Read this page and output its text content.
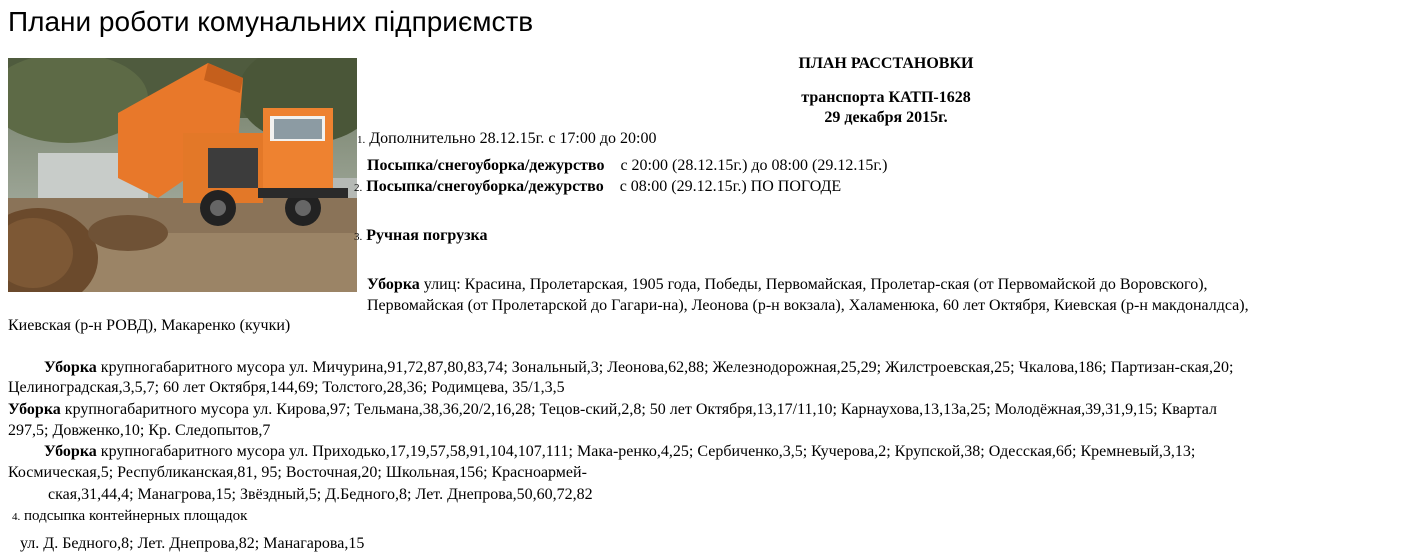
Плани роботи комунальних підприємств
ПЛАН РАССТАНОВКИ
транспорта КАТП-1628
29 декабря 2015г.
1. Дополнительно 28.12.15г. с 17:00 до 20:00
Посыпка/снегоуборка/дежурство с 20:00 (28.12.15г.) до 08:00 (29.12.15г.)
2. Посыпка/снегоуборка/дежурство с 08:00 (29.12.15г.) ПО ПОГОДЕ
3. Ручная погрузка
Уборка улиц: Красина, Пролетарская, 1905 года, Победы, Первомайская, Пролетар-ская (от Первомайской до Воровского),
Первомайская (от Пролетарской до Гагари-на), Леонова (р-н вокзала), Халаменюка, 60 лет Октября, Киевская (р-н макдоналдса),
Киевская (р-н РОВД), Макаренко (кучки)
Уборка крупногабаритного мусора ул. Мичурина,91,72,87,80,83,74; Зональный,3; Леонова,62,88; Железнодорожная,25,29; Жилстроевская,25; Чкалова,186; Партизан-ская,20;
Целиноградская,3,5,7; 60 лет Октября,144,69; Толстого,28,36; Родимцева, 35/1,3,5
Уборка крупногабаритного мусора ул. Кирова,97; Тельмана,38,36,20/2,16,28; Тецов-ский,2,8; 50 лет Октября,13,17/11,10; Карнаухова,13,13а,25; Молодёжная,39,31,9,15; Квартал
297,5; Довженко,10; Кр. Следопытов,7
Уборка крупногабаритного мусора ул. Приходько,17,19,57,58,91,104,107,111; Мака-ренко,4,25; Сербиченко,3,5; Кучерова,2; Крупской,38; Одесская,6б; Кремневый,3,13;
Космическая,5; Республиканская,81, 95; Восточная,20; Школьная,156; Красноармей-
ская,31,44,4; Манагрова,15; Звёздный,5; Д.Бедного,8; Лет. Днепрова,50,60,72,82
4. подсыпка контейнерных площадок
ул. Д. Бедного,8; Лет. Днепрова,82; Манагарова,15
